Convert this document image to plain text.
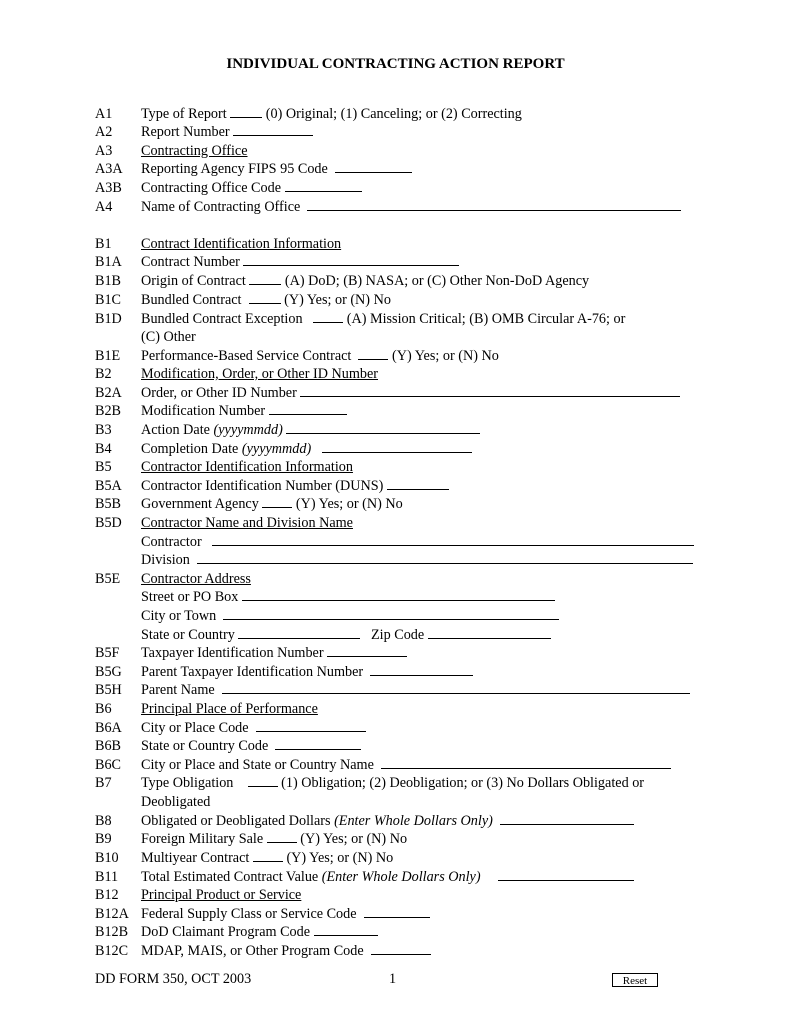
INDIVIDUAL CONTRACTING ACTION REPORT
A1	Type of Report	(0) Original; (1) Canceling; or (2) Correcting
A2	Report Number
A3	Contracting Office
A3A	Reporting Agency FIPS 95 Code
A3B	Contracting Office Code
A4	Name of Contracting Office
B1	Contract Identification Information
B1A	Contract Number
B1B	Origin of Contract	(A) DoD; (B) NASA; or (C) Other Non-DoD Agency
B1C	Bundled Contract	(Y) Yes; or (N) No
B1D	Bundled Contract Exception	(A) Mission Critical; (B) OMB Circular A-76; or
(C) Other
B1E	Performance-Based Service Contract	(Y) Yes; or (N) No
B2	Modification, Order, or Other ID Number
B2A	Order, or Other ID Number
B2B	Modification Number
B3	Action Date (yyyymmdd)
B4	Completion Date (yyyymmdd)
B5	Contractor Identification Information
B5A	Contractor Identification Number (DUNS)
B5B	Government Agency	(Y) Yes; or (N) No
B5D	Contractor Name and Division Name
Contractor
Division
B5E	Contractor Address
Street or PO Box
City or Town
State or Country	Zip Code
B5F	Taxpayer Identification Number
B5G	Parent Taxpayer Identification Number
B5H	Parent Name
B6	Principal Place of Performance
B6A	City or Place Code
B6B	State or Country Code
B6C	City or Place and State or Country Name
B7	Type Obligation	(1) Obligation; (2) Deobligation; or (3) No Dollars Obligated or
Deobligated
B8	Obligated or Deobligated Dollars (Enter Whole Dollars Only)
B9	Foreign Military Sale	(Y) Yes; or (N) No
B10	Multiyear Contract	(Y) Yes; or (N) No
B11	Total Estimated Contract Value (Enter Whole Dollars Only)
B12	Principal Product or Service
B12A Federal Supply Class or Service Code
B12B DoD Claimant Program Code
B12C MDAP, MAIS, or Other Program Code
DD FORM 350, OCT 2003	1	Reset
